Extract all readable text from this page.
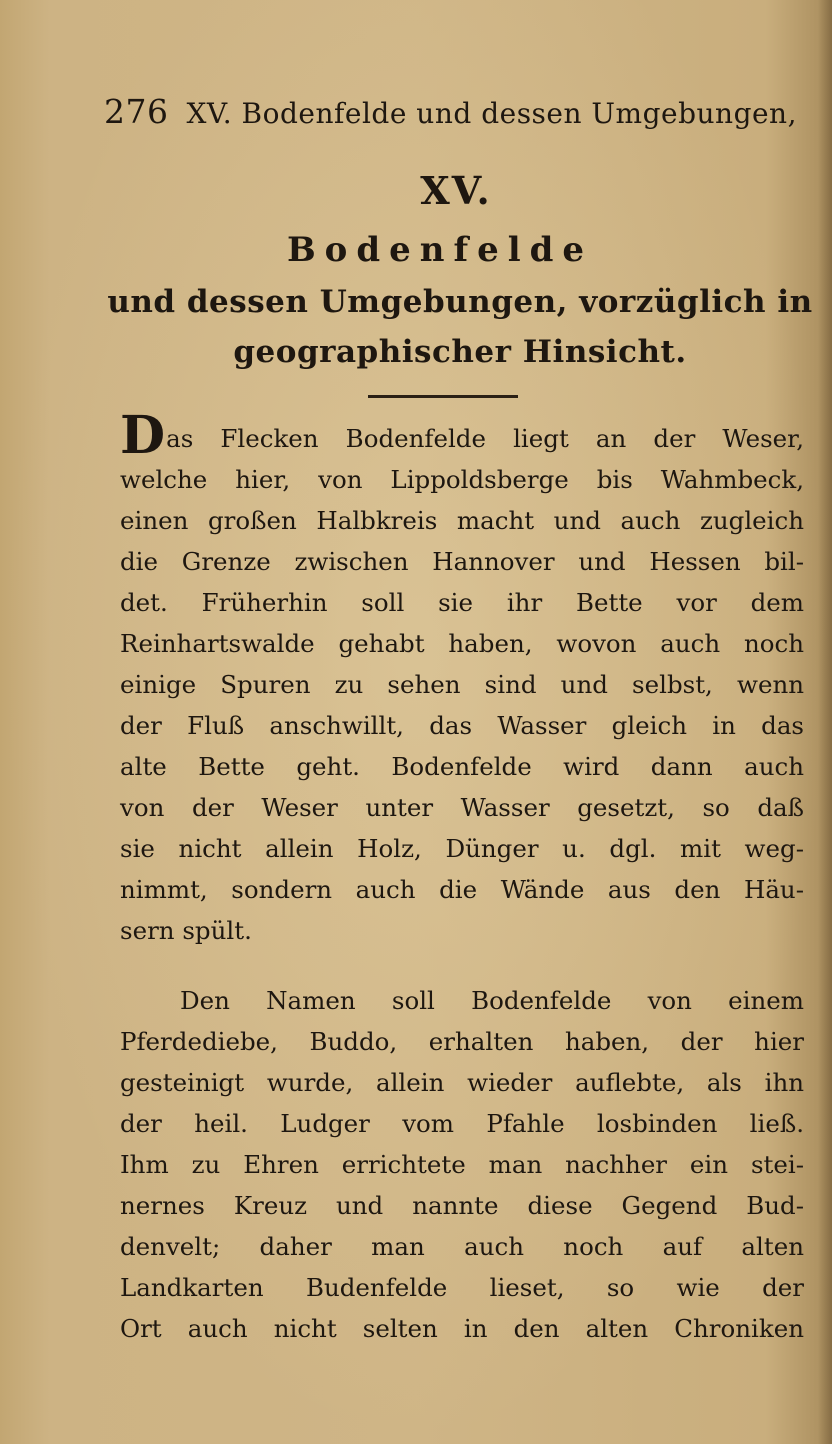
276 XV. Bodenfelde und dessen Umgebungen,
XV.
Bodenfelde
und dessen Umgebungen, vorzüglich in
geographischer Hinsicht.
Das Flecken Bodenfelde liegt an der Weser,
welche hier, von Lippoldsberge bis Wahmbeck,
einen großen Halbkreis macht und auch zugleich
die Grenze zwischen Hannover und Hessen bil-
det. Früherhin soll sie ihr Bette vor dem
Reinhartswalde gehabt haben, wovon auch noch
einige Spuren zu sehen sind und selbst, wenn
der Fluß anschwillt, das Wasser gleich in das
alte Bette geht. Bodenfelde wird dann auch
von der Weser unter Wasser gesetzt, so daß
sie nicht allein Holz, Dünger u. dgl. mit weg-
nimmt, sondern auch die Wände aus den Häu-
sern spült.
Den Namen soll Bodenfelde von einem
Pferdediebe, Buddo, erhalten haben, der hier
gesteinigt wurde, allein wieder auflebte, als ihn
der heil. Ludger vom Pfahle losbinden ließ.
Ihm zu Ehren errichtete man nachher ein stei-
nernes Kreuz und nannte diese Gegend Bud-
denvelt; daher man auch noch auf alten
Landkarten Budenfelde lieset, so wie der
Ort auch nicht selten in den alten Chroniken
